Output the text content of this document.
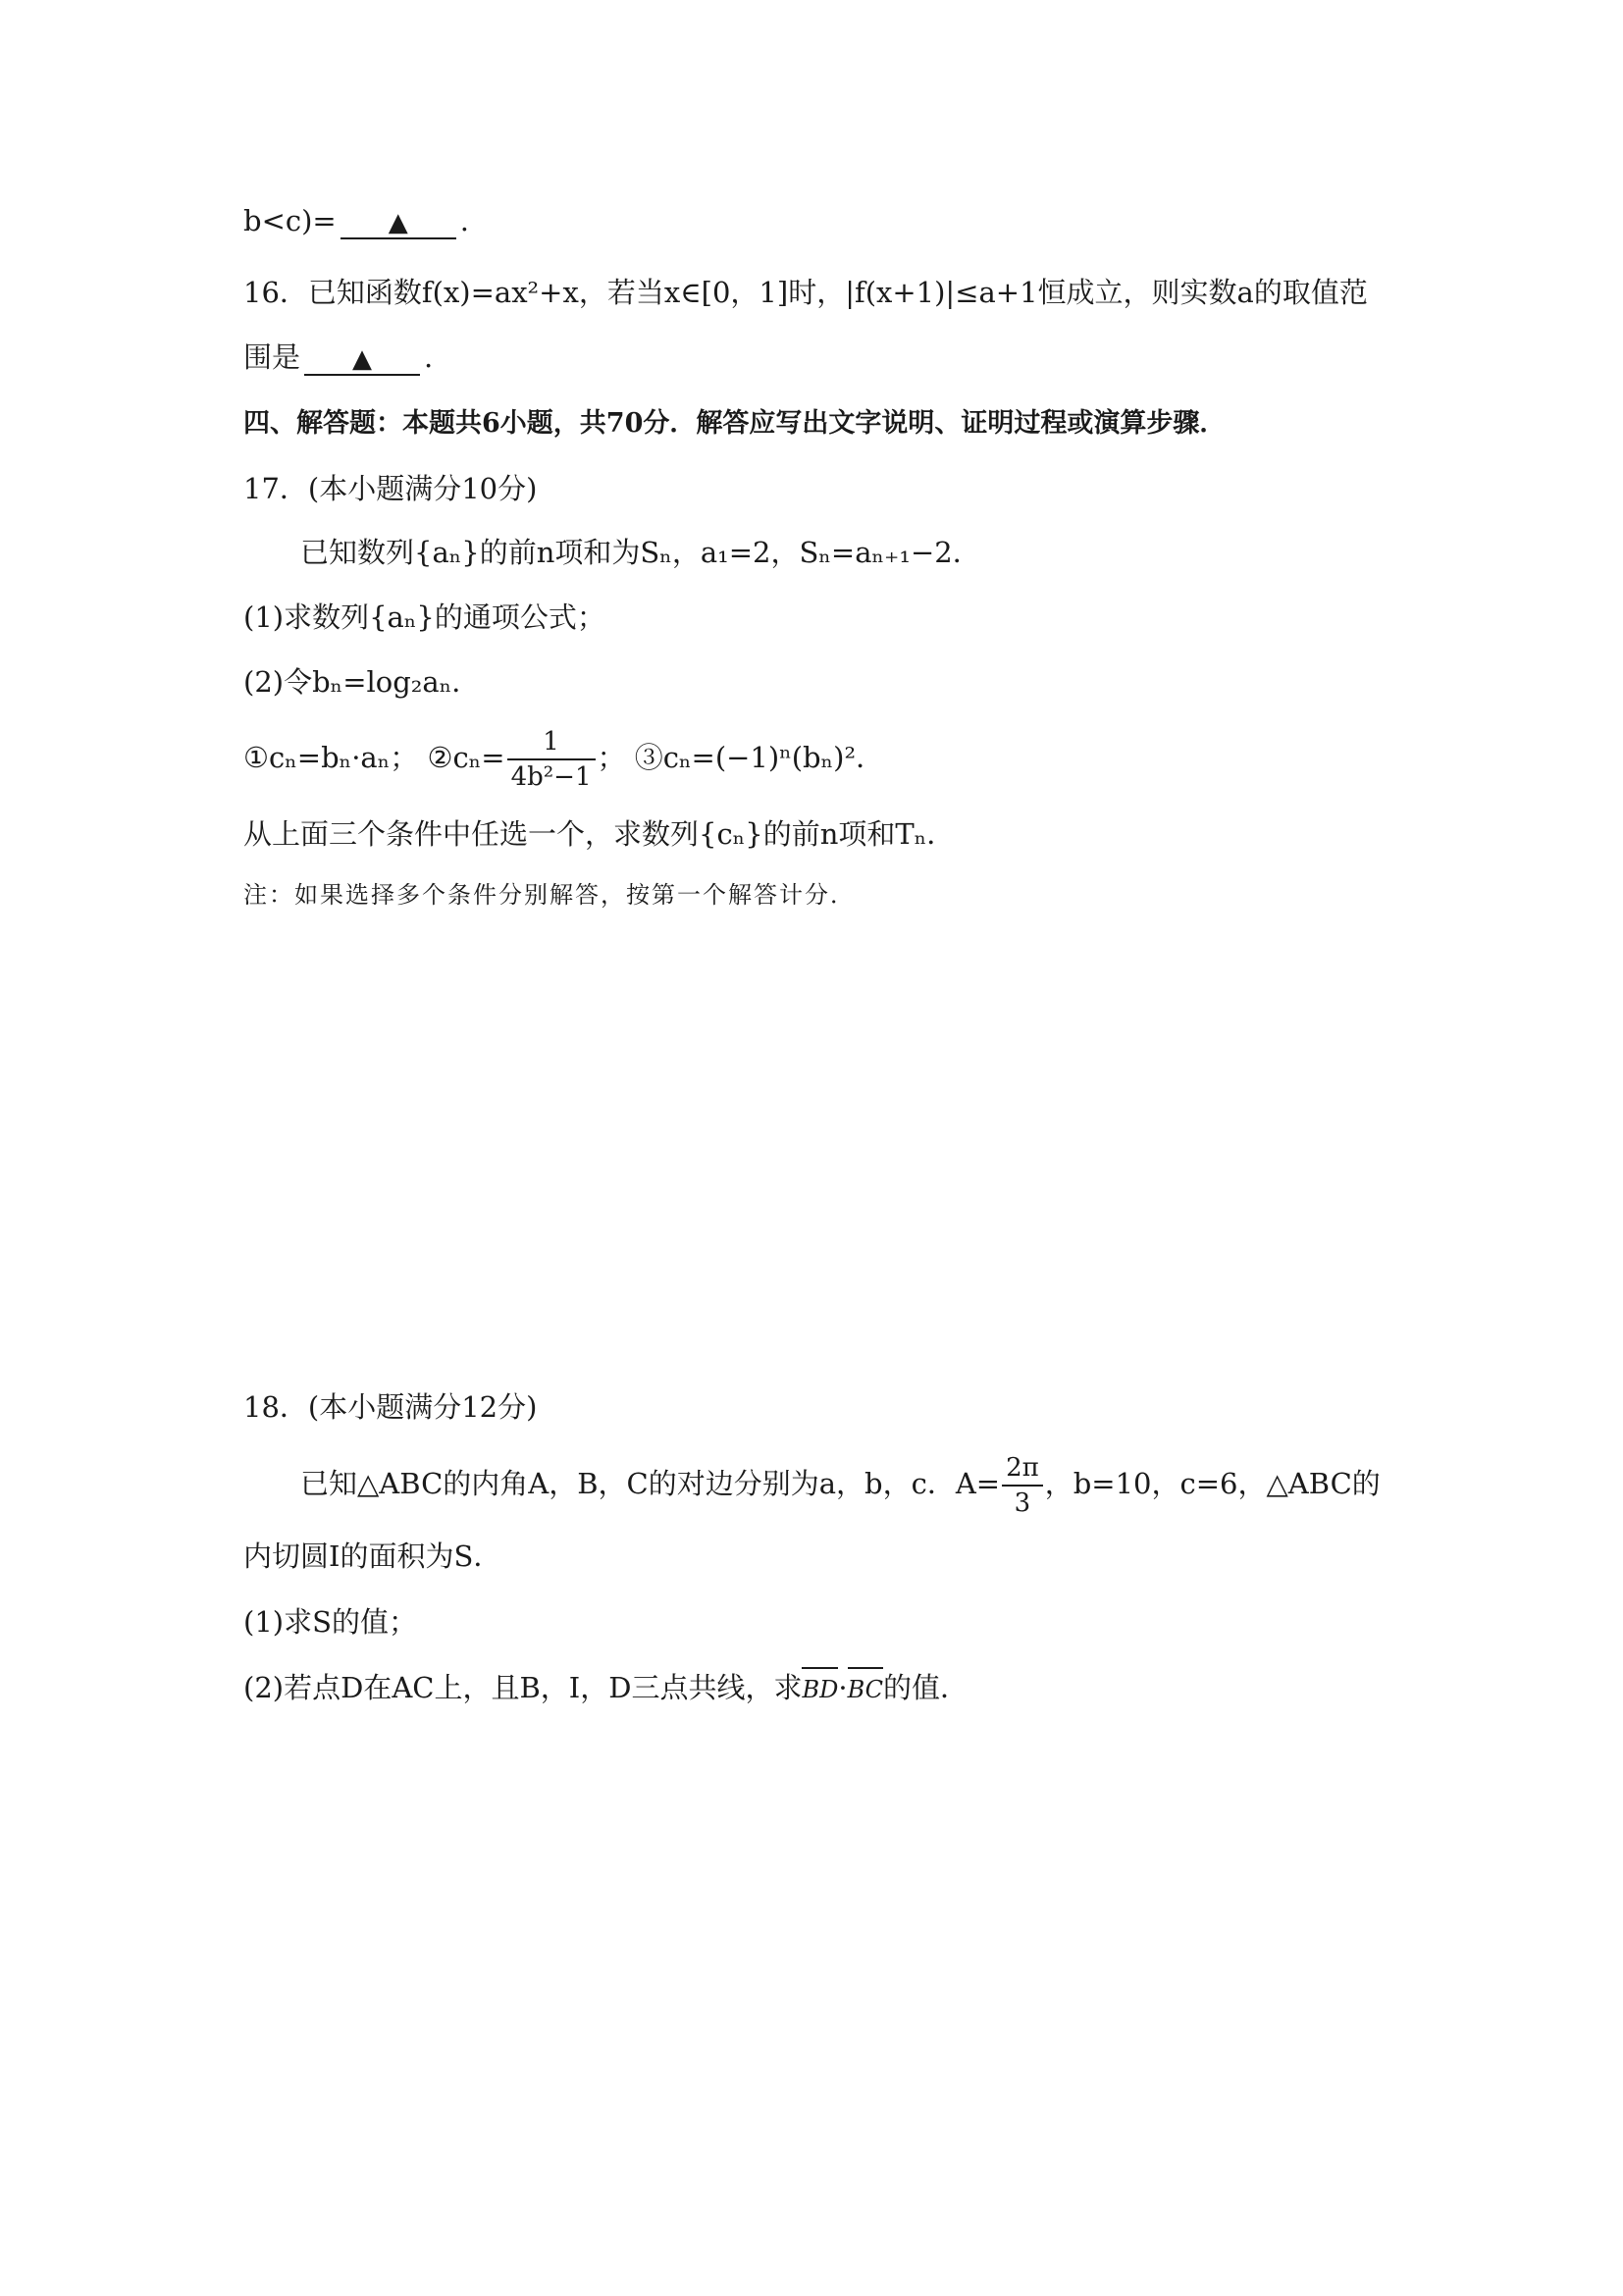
b<c)= ▲ .
16．已知函数f(x)=ax²+x，若当x∈[0，1]时，|f(x+1)|≤a+1恒成立，则实数a的取值范
围是 ▲ .
四、解答题：本题共6小题，共70分．解答应写出文字说明、证明过程或演算步骤．
17．(本小题满分10分)
已知数列{aₙ}的前n项和为Sₙ，a₁=2，Sₙ=aₙ₊₁−2．
(1)求数列{aₙ}的通项公式；
(2)令bₙ=log₂aₙ．
①cₙ=bₙ·aₙ； ②cₙ= $\frac{1}{\text{4b²−1}}$ ； ③cₙ=(−1)ⁿ(bₙ)²．
从上面三个条件中任选一个，求数列{cₙ}的前n项和Tₙ．
注：如果选择多个条件分别解答，按第一个解答计分．
18．(本小题满分12分)
已知△ABC的内角A，B，C的对边分别为a，b，c．$A= \frac{2\pi}{3}$ ，b=10，c=6，△ABC的
内切圆I的面积为S．
(1)求S的值；
(2)若点D在AC上，且B，I，D三点共线，求BD·BC的值．
